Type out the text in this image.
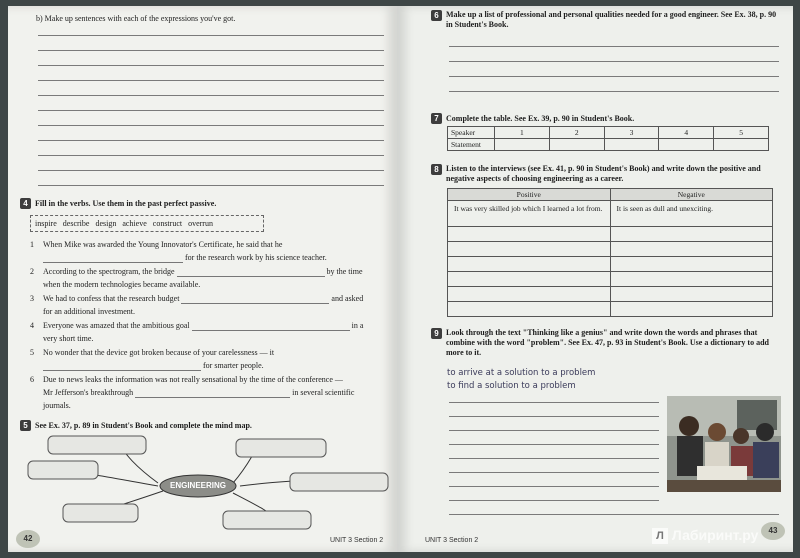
b) Make up sentences with each of the expressions you've got.
4 Fill in the verbs. Use them in the past perfect passive.
inspire describe design achieve construct overrun
1 When Mike was awarded the Young Innovator's Certificate, he said that he
for the research work by his science teacher.
2 According to the spectrogram, the bridge	by the time
when the modern technologies became available.
3 We had to confess that the research budget	and asked
for an additional investment.
4 Everyone was amazed that the ambitious goal	in a
very short time.
5 No wonder that the device got broken because of your carelessness — it
for smarter people.
6 Due to news leaks the information was not really sensational by the time of the conference —
Mr Jefferson's breakthrough	in several scientific
journals.
5 See Ex. 37, p. 89 in Student's Book and complete the mind map.
ENGINEERING
42	UNIT 3 Section 2
6 Make up a list of professional and personal qualities needed for a good engineer. See Ex. 38, p. 90 in Student's Book.
7 Complete the table. See Ex. 39, p. 90 in Student's Book.
Speaker	1	2	3	4	5
Statement					
8 Listen to the interviews (see Ex. 41, p. 90 in Student's Book) and write down the positive and negative aspects of choosing engineering as a career.
Positive	Negative
It was very skilled job which I learned a lot from.	It is seen as dull and unexciting.

9 Look through the text "Thinking like a genius" and write down the words and phrases that combine with the word "problem". See Ex. 47, p. 93 in Student's Book. Use a dictionary to add more to it.
to arrive at a solution to a problem
to find a solution to a problem
Л Лабиринт.ру
UNIT 3 Section 2
43
